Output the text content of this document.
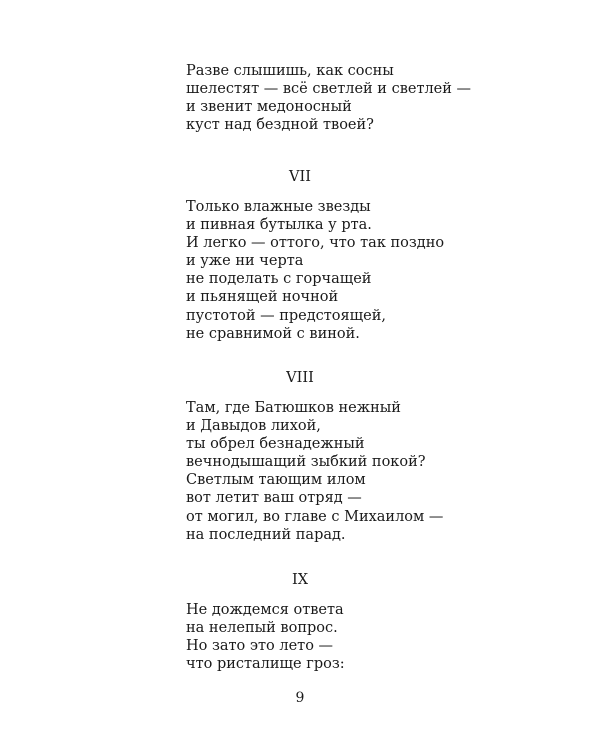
Разве слышишь, как сосны
шелестят — всё светлей и светлей —
и звенит медоносный
куст над бездной твоей?
VII
Только влажные звезды
и пивная бутылка у рта.
И легко — оттого, что так поздно
и уже ни черта
не поделать с горчащей
и пьянящей ночной
пустотой — предстоящей,
не сравнимой с виной.
VIII
Там, где Батюшков нежный
и Давыдов лихой,
ты обрел безнадежный
вечнодышащий зыбкий покой?
Светлым тающим илом
вот летит ваш отряд —
от могил, во главе с Михаилом —
на последний парад.
IX
Не дождемся ответа
на нелепый вопрос.
Но зато это лето —
что ристалище гроз:
9
